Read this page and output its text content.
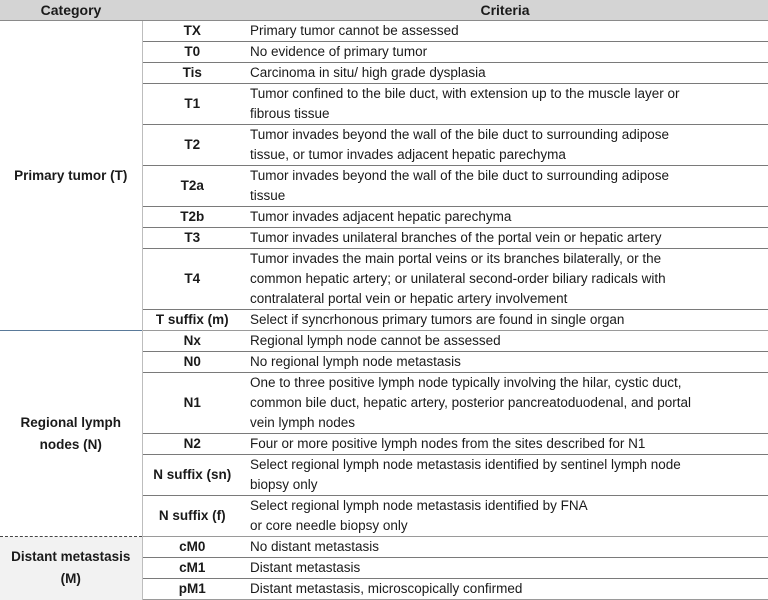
Category		Criteria
Primary tumor (T)	TX	Primary tumor cannot be assessed

	T0	No evidence of primary tumor

	Tis	Carcinoma in situ/ high grade dysplasia

	T1	Tumor confined to the bile duct, with extension up to the muscle layer or
fibrous tissue

	T2	Tumor invades beyond the wall of the bile duct to surrounding adipose
tissue, or tumor invades adjacent hepatic parechyma

	T2a	Tumor invades beyond the wall of the bile duct to surrounding adipose
tissue

	T2b	Tumor invades adjacent hepatic parechyma

	T3	Tumor invades unilateral branches of the portal vein or hepatic artery

	T4	Tumor invades the main portal veins or its branches bilaterally, or the
common hepatic artery; or unilateral second-order biliary radicals with
contralateral portal vein or hepatic artery involvement

	T suffix (m)	Select if syncrhonous primary tumors are found in single organ

Regional lymph
nodes (N)	Nx	Regional lymph node cannot be assessed

	N0	No regional lymph node metastasis

	N1	One to three positive lymph node typically involving the hilar, cystic duct,
common bile duct, hepatic artery, posterior pancreatoduodenal, and portal
vein lymph nodes

	N2	Four or more positive lymph nodes from the sites described for N1

	N suffix (sn)	Select regional lymph node metastasis identified by sentinel lymph node
biopsy only

	N suffix (f)	Select regional lymph node metastasis identified by FNA
or core needle biopsy only

Distant metastasis
(M)	cM0	No distant metastasis

	cM1	Distant metastasis

	pM1	Distant metastasis, microscopically confirmed
